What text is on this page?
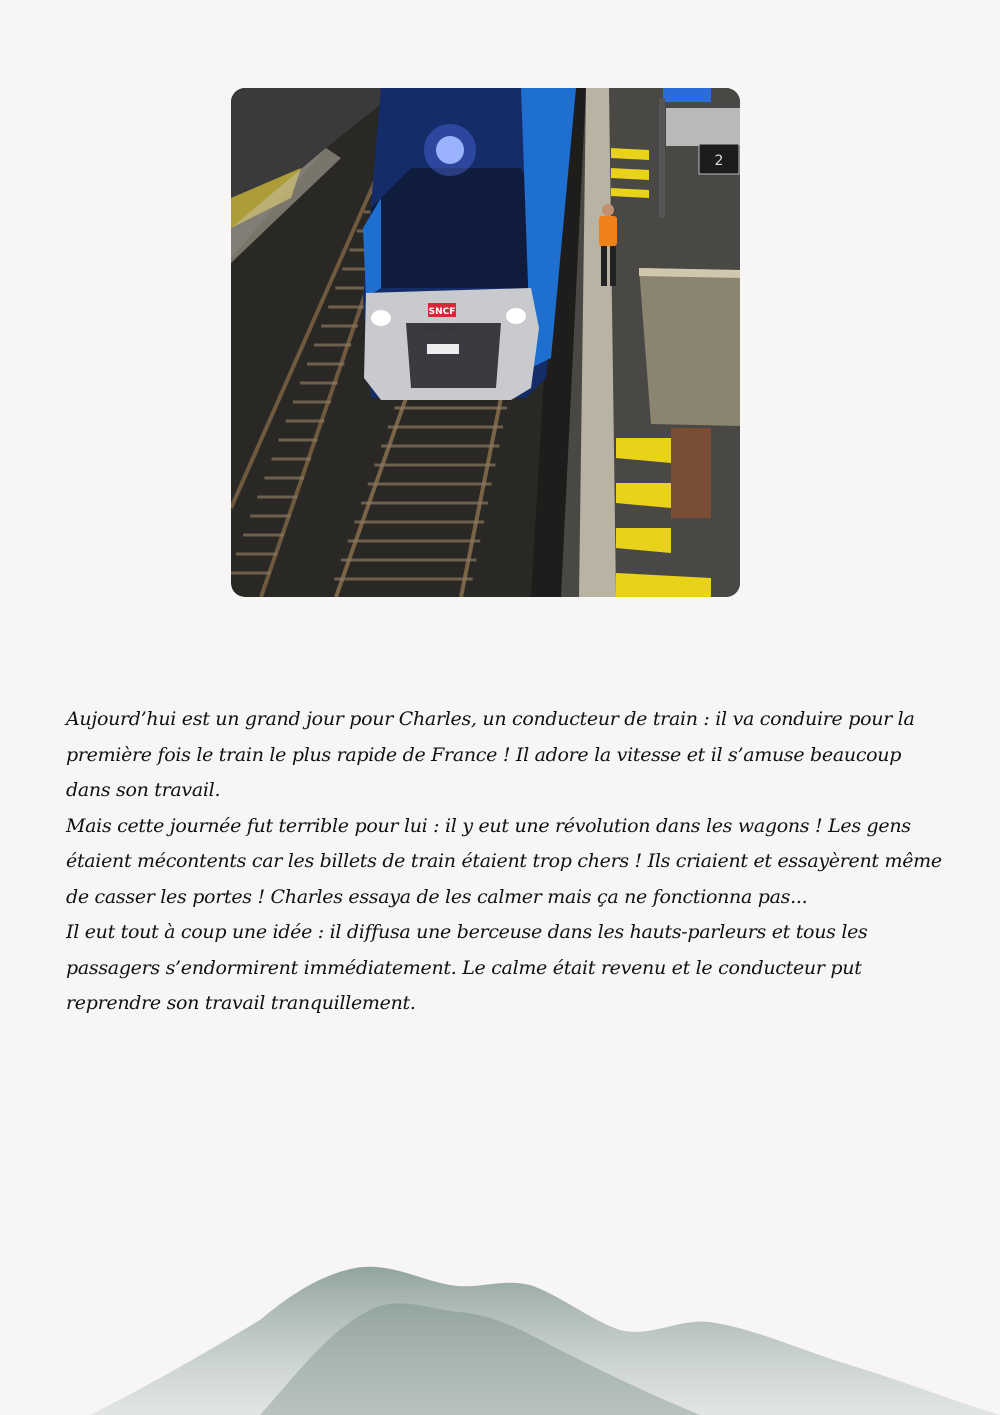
2
SNCF
84623 M

Aujourd’hui est un grand jour pour Charles, un conducteur de train : il va conduire pour la première fois le train le plus rapide de France ! Il adore la vitesse et il s’amuse beaucoup dans son travail.

Mais cette journée fut terrible pour lui : il y eut une révolution dans les wagons ! Les gens étaient mécontents car les billets de train étaient trop chers ! Ils criaient et essayèrent même de casser les portes ! Charles essaya de les calmer mais ça ne fonctionna pas...

Il eut tout à coup une idée : il diffusa une berceuse dans les hauts-parleurs et tous les passagers s’endormirent immédiatement. Le calme était revenu et le conducteur put reprendre son travail tranquillement.
